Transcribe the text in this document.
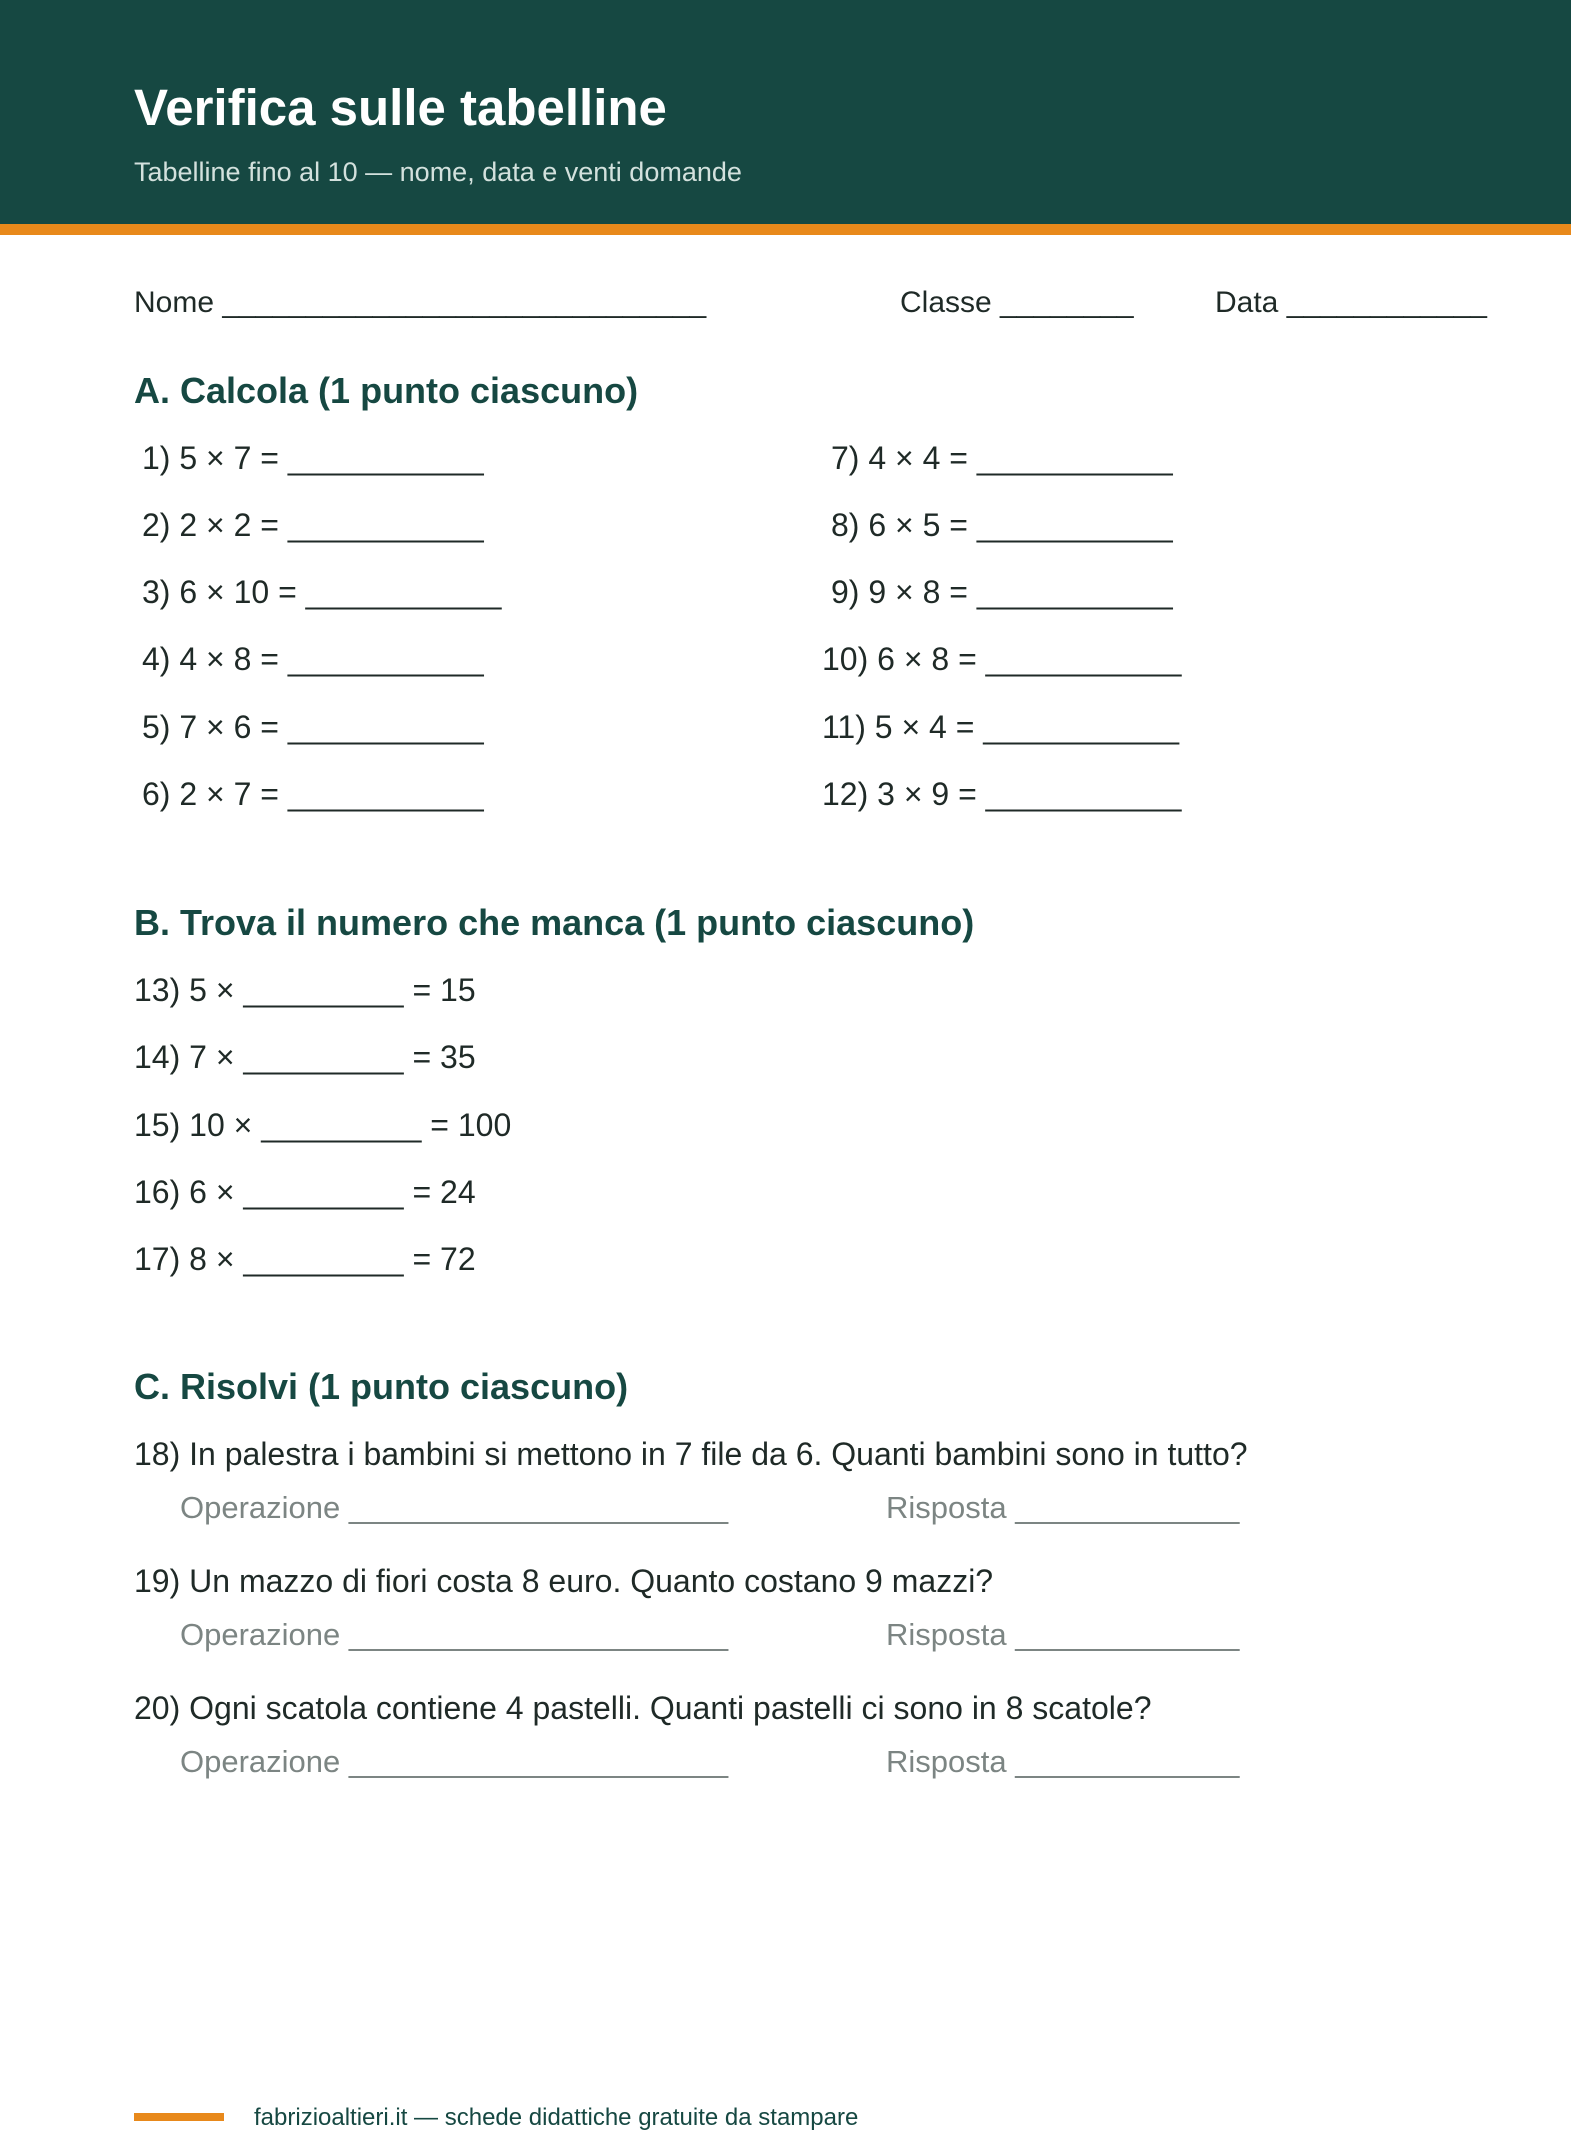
Verifica sulle tabelline
Tabelline fino al 10 — nome, data e venti domande
Nome _____________________________	Classe ________	Data ____________
A. Calcola (1 punto ciascuno)
1) 5 × 7 = ___________
2) 2 × 2 = ___________
3) 6 × 10 = ___________
4) 4 × 8 = ___________
5) 7 × 6 = ___________
6) 2 × 7 = ___________
7) 4 × 4 = ___________
8) 6 × 5 = ___________
9) 9 × 8 = ___________
10) 6 × 8 = ___________
11) 5 × 4 = ___________
12) 3 × 9 = ___________
B. Trova il numero che manca (1 punto ciascuno)
13) 5 × _________ = 15
14) 7 × _________ = 35
15) 10 × _________ = 100
16) 6 × _________ = 24
17) 8 × _________ = 72
C. Risolvi (1 punto ciascuno)
18) In palestra i bambini si mettono in 7 file da 6. Quanti bambini sono in tutto?
Operazione ______________________	Risposta _____________
19) Un mazzo di fiori costa 8 euro. Quanto costano 9 mazzi?
Operazione ______________________	Risposta _____________
20) Ogni scatola contiene 4 pastelli. Quanti pastelli ci sono in 8 scatole?
Operazione ______________________	Risposta _____________
fabrizioaltieri.it — schede didattiche gratuite da stampare
